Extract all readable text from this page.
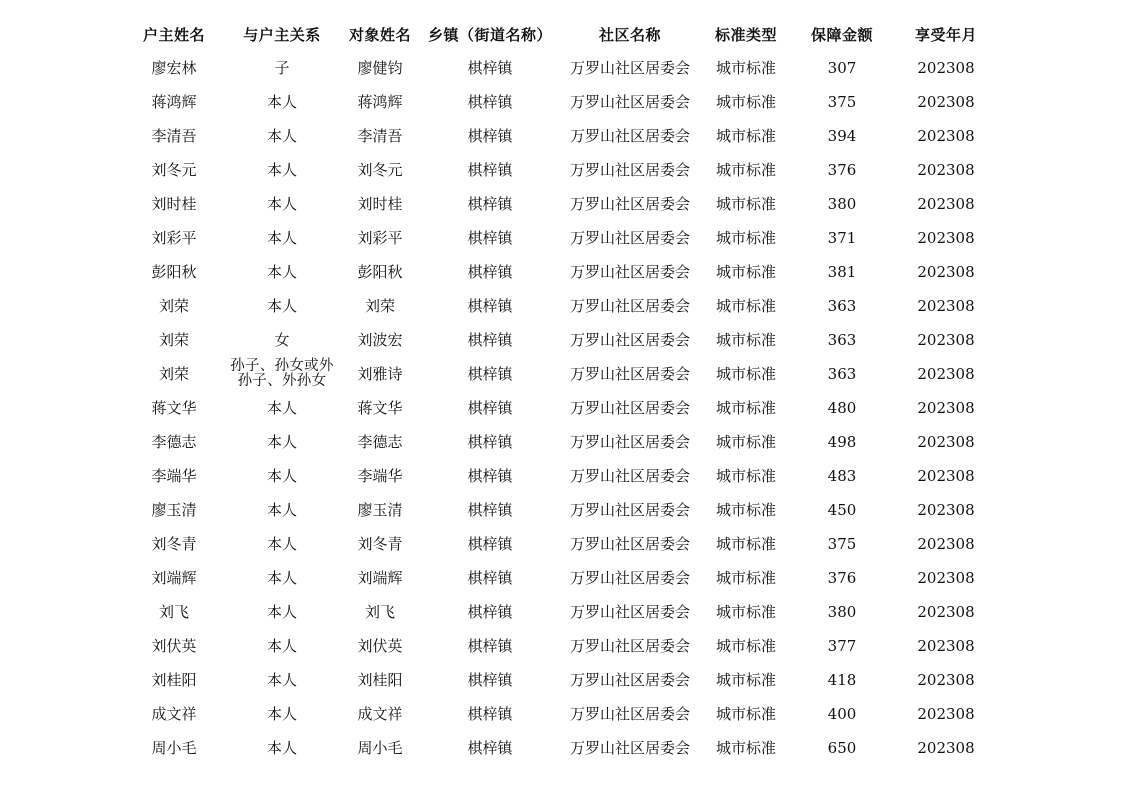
户主姓名	与户主关系	对象姓名	乡镇（街道名称）	社区名称	标准类型	保障金额	享受年月
廖宏林	子	廖健钧	棋梓镇	万罗山社区居委会	城市标准	307	202308
蒋鸿辉	本人	蒋鸿辉	棋梓镇	万罗山社区居委会	城市标准	375	202308
李清吾	本人	李清吾	棋梓镇	万罗山社区居委会	城市标准	394	202308
刘冬元	本人	刘冬元	棋梓镇	万罗山社区居委会	城市标准	376	202308
刘时桂	本人	刘时桂	棋梓镇	万罗山社区居委会	城市标准	380	202308
刘彩平	本人	刘彩平	棋梓镇	万罗山社区居委会	城市标准	371	202308
彭阳秋	本人	彭阳秋	棋梓镇	万罗山社区居委会	城市标准	381	202308
刘荣	本人	刘荣	棋梓镇	万罗山社区居委会	城市标准	363	202308
刘荣	女	刘波宏	棋梓镇	万罗山社区居委会	城市标准	363	202308
刘荣	孙子、孙女或外孙子、外孙女	刘雅诗	棋梓镇	万罗山社区居委会	城市标准	363	202308
蒋文华	本人	蒋文华	棋梓镇	万罗山社区居委会	城市标准	480	202308
李德志	本人	李德志	棋梓镇	万罗山社区居委会	城市标准	498	202308
李端华	本人	李端华	棋梓镇	万罗山社区居委会	城市标准	483	202308
廖玉清	本人	廖玉清	棋梓镇	万罗山社区居委会	城市标准	450	202308
刘冬青	本人	刘冬青	棋梓镇	万罗山社区居委会	城市标准	375	202308
刘端辉	本人	刘端辉	棋梓镇	万罗山社区居委会	城市标准	376	202308
刘飞	本人	刘飞	棋梓镇	万罗山社区居委会	城市标准	380	202308
刘伏英	本人	刘伏英	棋梓镇	万罗山社区居委会	城市标准	377	202308
刘桂阳	本人	刘桂阳	棋梓镇	万罗山社区居委会	城市标准	418	202308
成文祥	本人	成文祥	棋梓镇	万罗山社区居委会	城市标准	400	202308
周小毛	本人	周小毛	棋梓镇	万罗山社区居委会	城市标准	650	202308
